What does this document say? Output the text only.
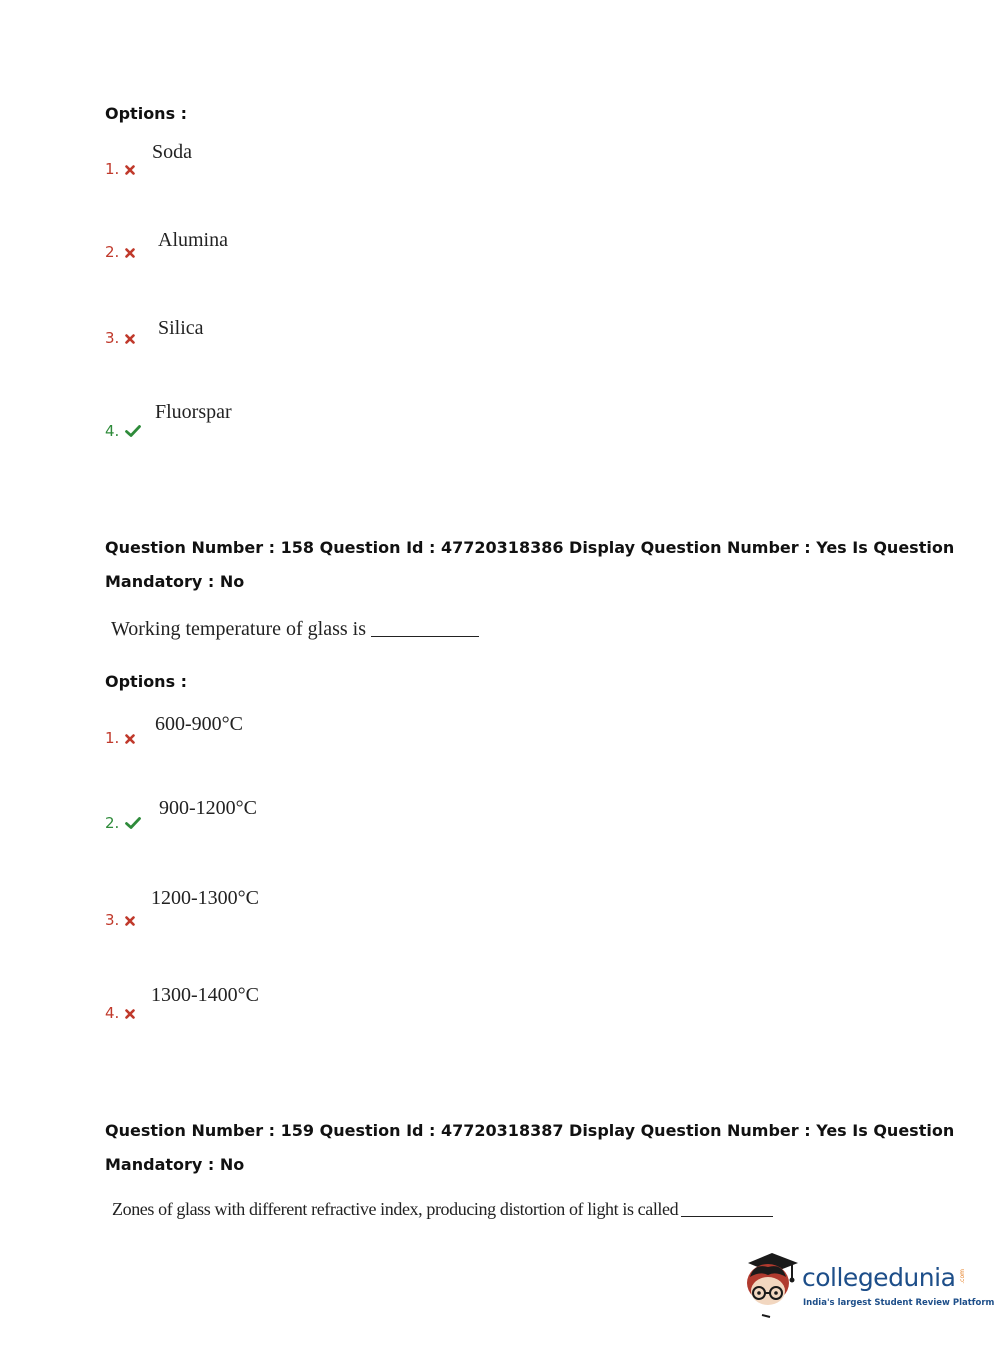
Options :
Soda
1.
Alumina
2.
Silica
3.
Fluorspar
4.
Question Number : 158 Question Id : 47720318386 Display Question Number : Yes Is Question
Mandatory : No
Working temperature of glass is
Options :
600-900°C
1.
900-1200°C
2.
1200-1300°C
3.
1300-1400°C
4.
Question Number : 159 Question Id : 47720318387 Display Question Number : Yes Is Question
Mandatory : No
Zones of glass with different refractive index, producing distortion of light is called
collegedunia .com
India's largest Student Review Platform
